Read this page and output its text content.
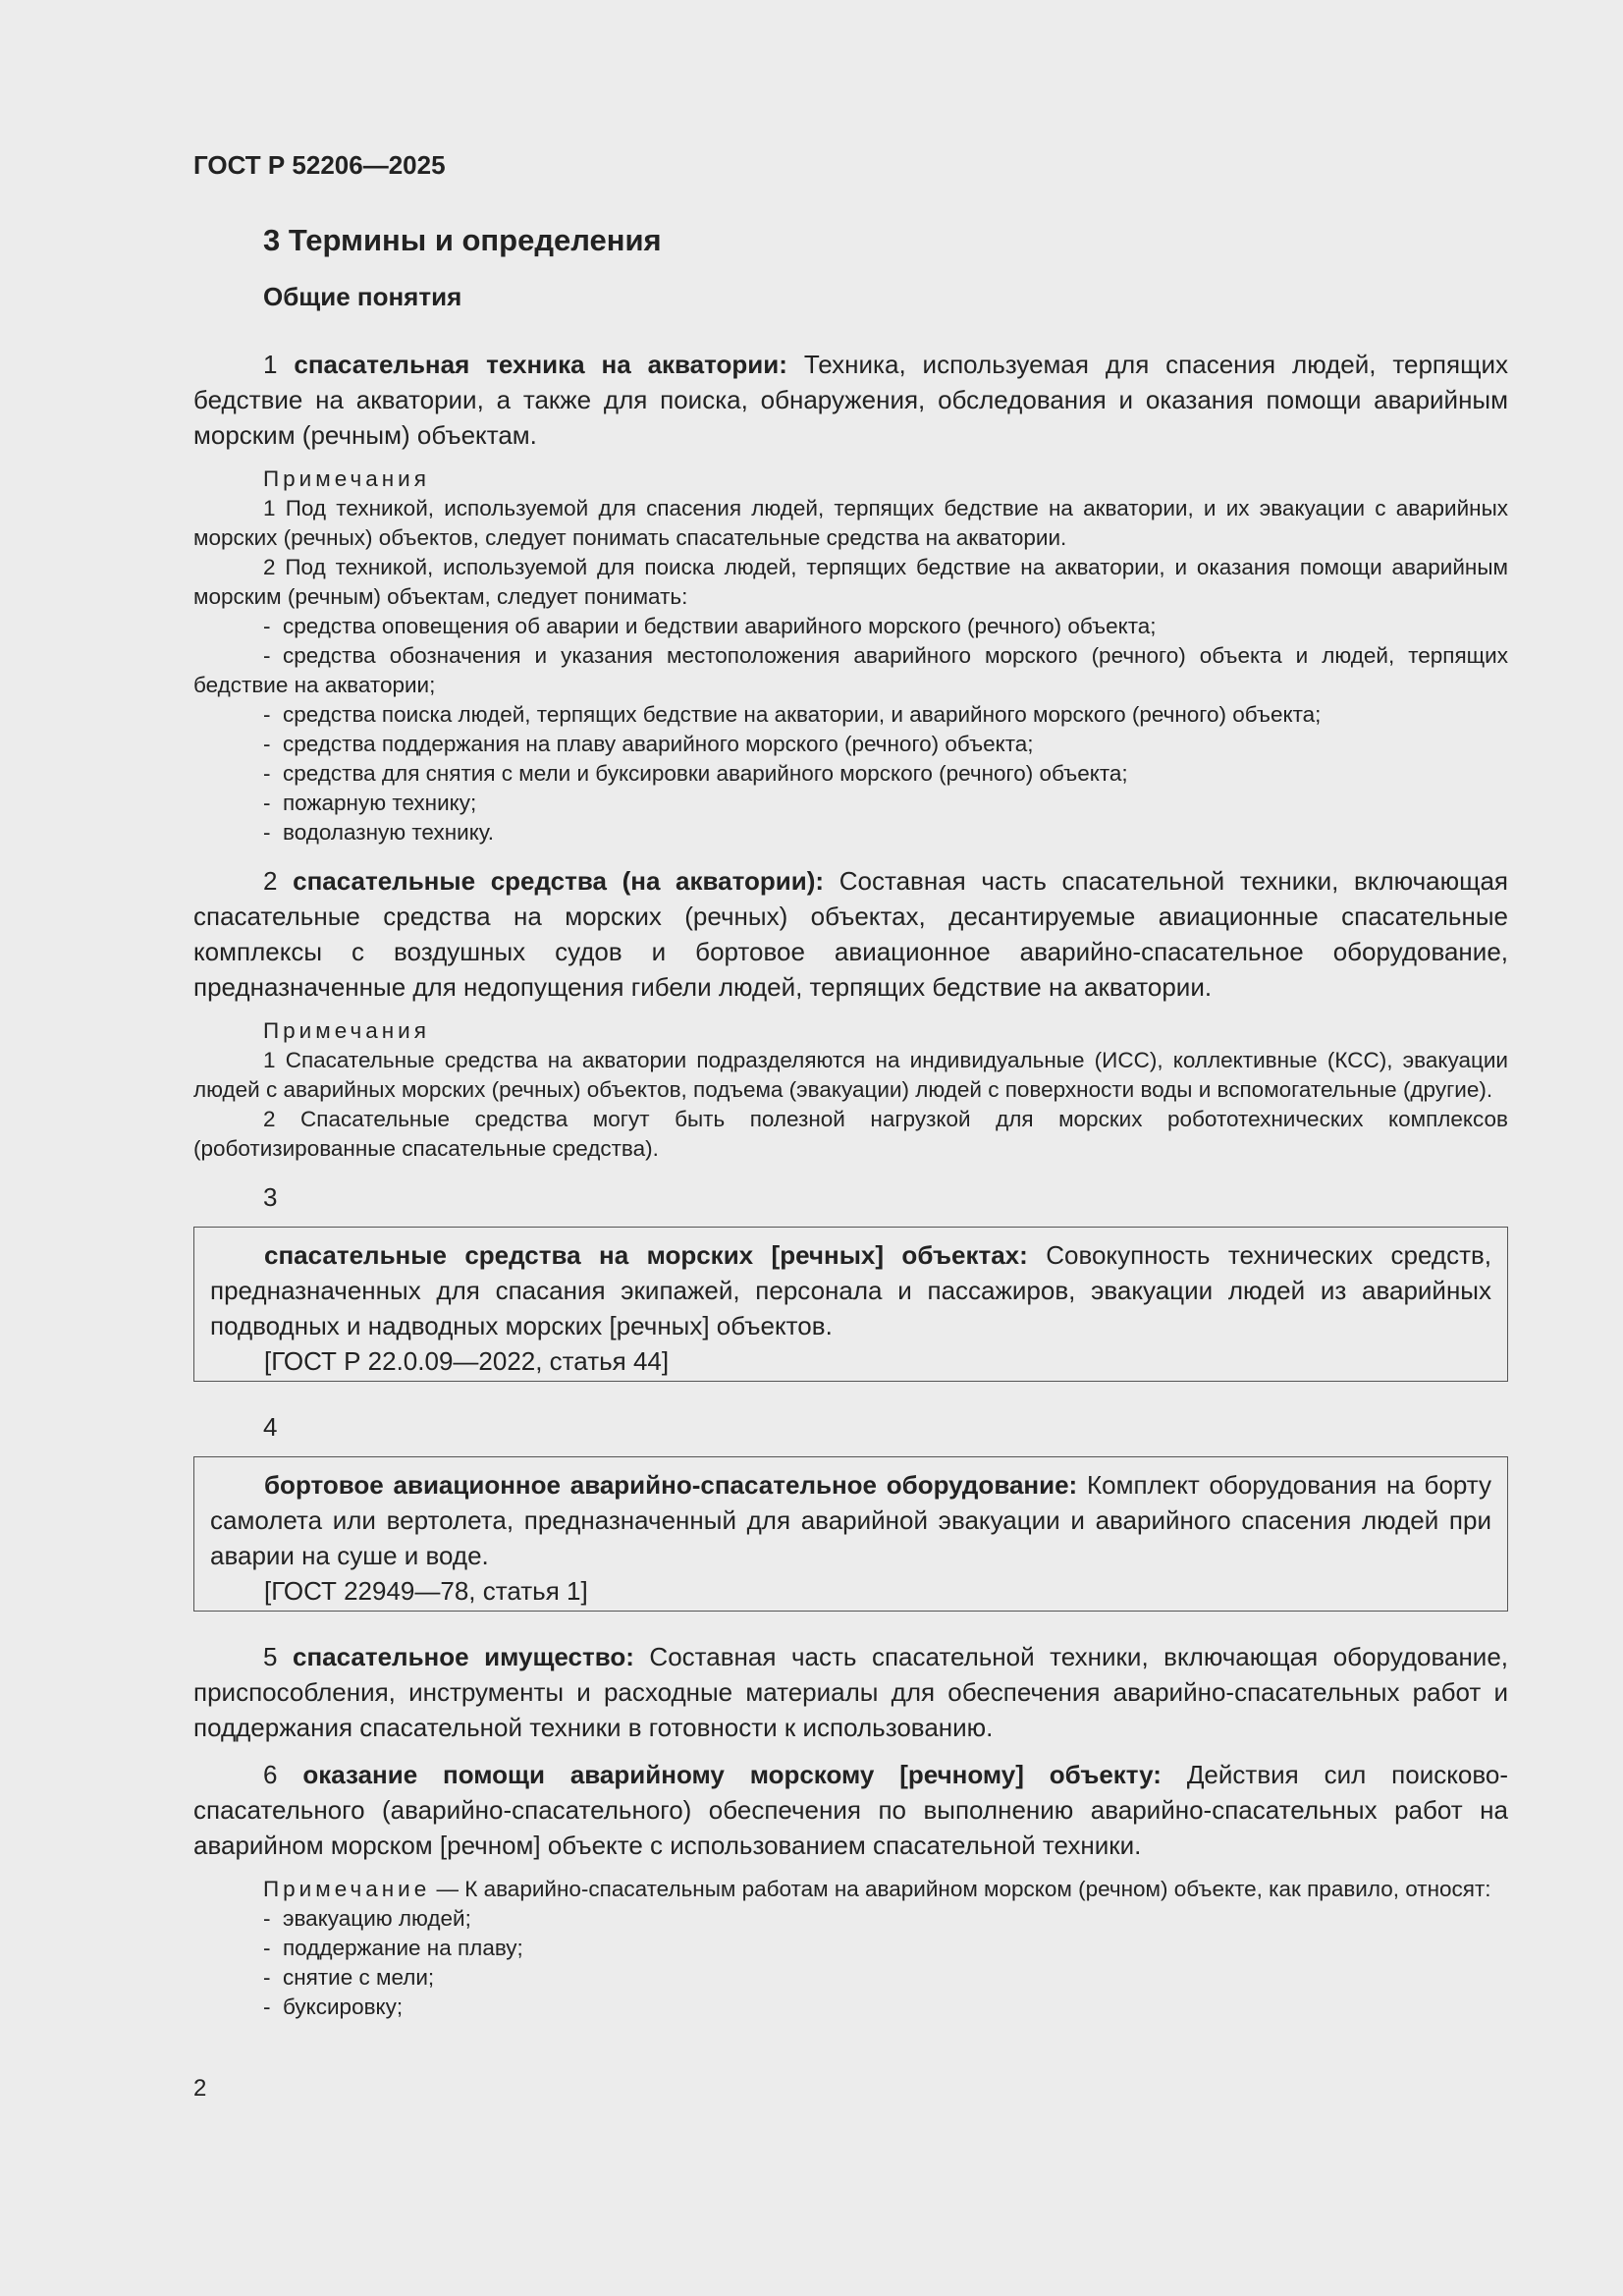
ГОСТ Р 52206—2025
3 Термины и определения
Общие понятия

1 спасательная техника на акватории: Техника, используемая для спасения людей, терпящих бедствие на акватории, а также для поиска, обнаружения, обследования и оказания помощи аварийным морским (речным) объектам.

Примечания

1 Под техникой, используемой для спасения людей, терпящих бедствие на акватории, и их эвакуации с аварийных морских (речных) объектов, следует понимать спасательные средства на акватории.

2 Под техникой, используемой для поиска людей, терпящих бедствие на акватории, и оказания помощи аварийным морским (речным) объектам, следует понимать:

- средства оповещения об аварии и бедствии аварийного морского (речного) объекта;
- средства обозначения и указания местоположения аварийного морского (речного) объекта и людей, терпящих бедствие на акватории;
- средства поиска людей, терпящих бедствие на акватории, и аварийного морского (речного) объекта;
- средства поддержания на плаву аварийного морского (речного) объекта;
- средства для снятия с мели и буксировки аварийного морского (речного) объекта;
- пожарную технику;
- водолазную технику.

2 спасательные средства (на акватории): Составная часть спасательной техники, включающая спасательные средства на морских (речных) объектах, десантируемые авиационные спасательные комплексы с воздушных судов и бортовое авиационное аварийно-спасательное оборудование, предназначенные для недопущения гибели людей, терпящих бедствие на акватории.

Примечания

1 Спасательные средства на акватории подразделяются на индивидуальные (ИСС), коллективные (КСС), эвакуации людей с аварийных морских (речных) объектов, подъема (эвакуации) людей с поверхности воды и вспомогательные (другие).

2 Спасательные средства могут быть полезной нагрузкой для морских робототехнических комплексов (роботизированные спасательные средства).

3

спасательные средства на морских [речных] объектах: Совокупность технических средств, предназначенных для спасания экипажей, персонала и пассажиров, эвакуации людей из аварийных подводных и надводных морских [речных] объектов.

[ГОСТ Р 22.0.09—2022, статья 44]

4

бортовое авиационное аварийно-спасательное оборудование: Комплект оборудования на борту самолета или вертолета, предназначенный для аварийной эвакуации и аварийного спасения людей при аварии на суше и воде.

[ГОСТ 22949—78, статья 1]

5 спасательное имущество: Составная часть спасательной техники, включающая оборудование, приспособления, инструменты и расходные материалы для обеспечения аварийно-спасательных работ и поддержания спасательной техники в готовности к использованию.

6 оказание помощи аварийному морскому [речному] объекту: Действия сил поисково-спасательного (аварийно-спасательного) обеспечения по выполнению аварийно-спасательных работ на аварийном морском [речном] объекте с использованием спасательной техники.

Примечание — К аварийно-спасательным работам на аварийном морском (речном) объекте, как правило, относят:

- эвакуацию людей;
- поддержание на плаву;
- снятие с мели;
- буксировку;
2
